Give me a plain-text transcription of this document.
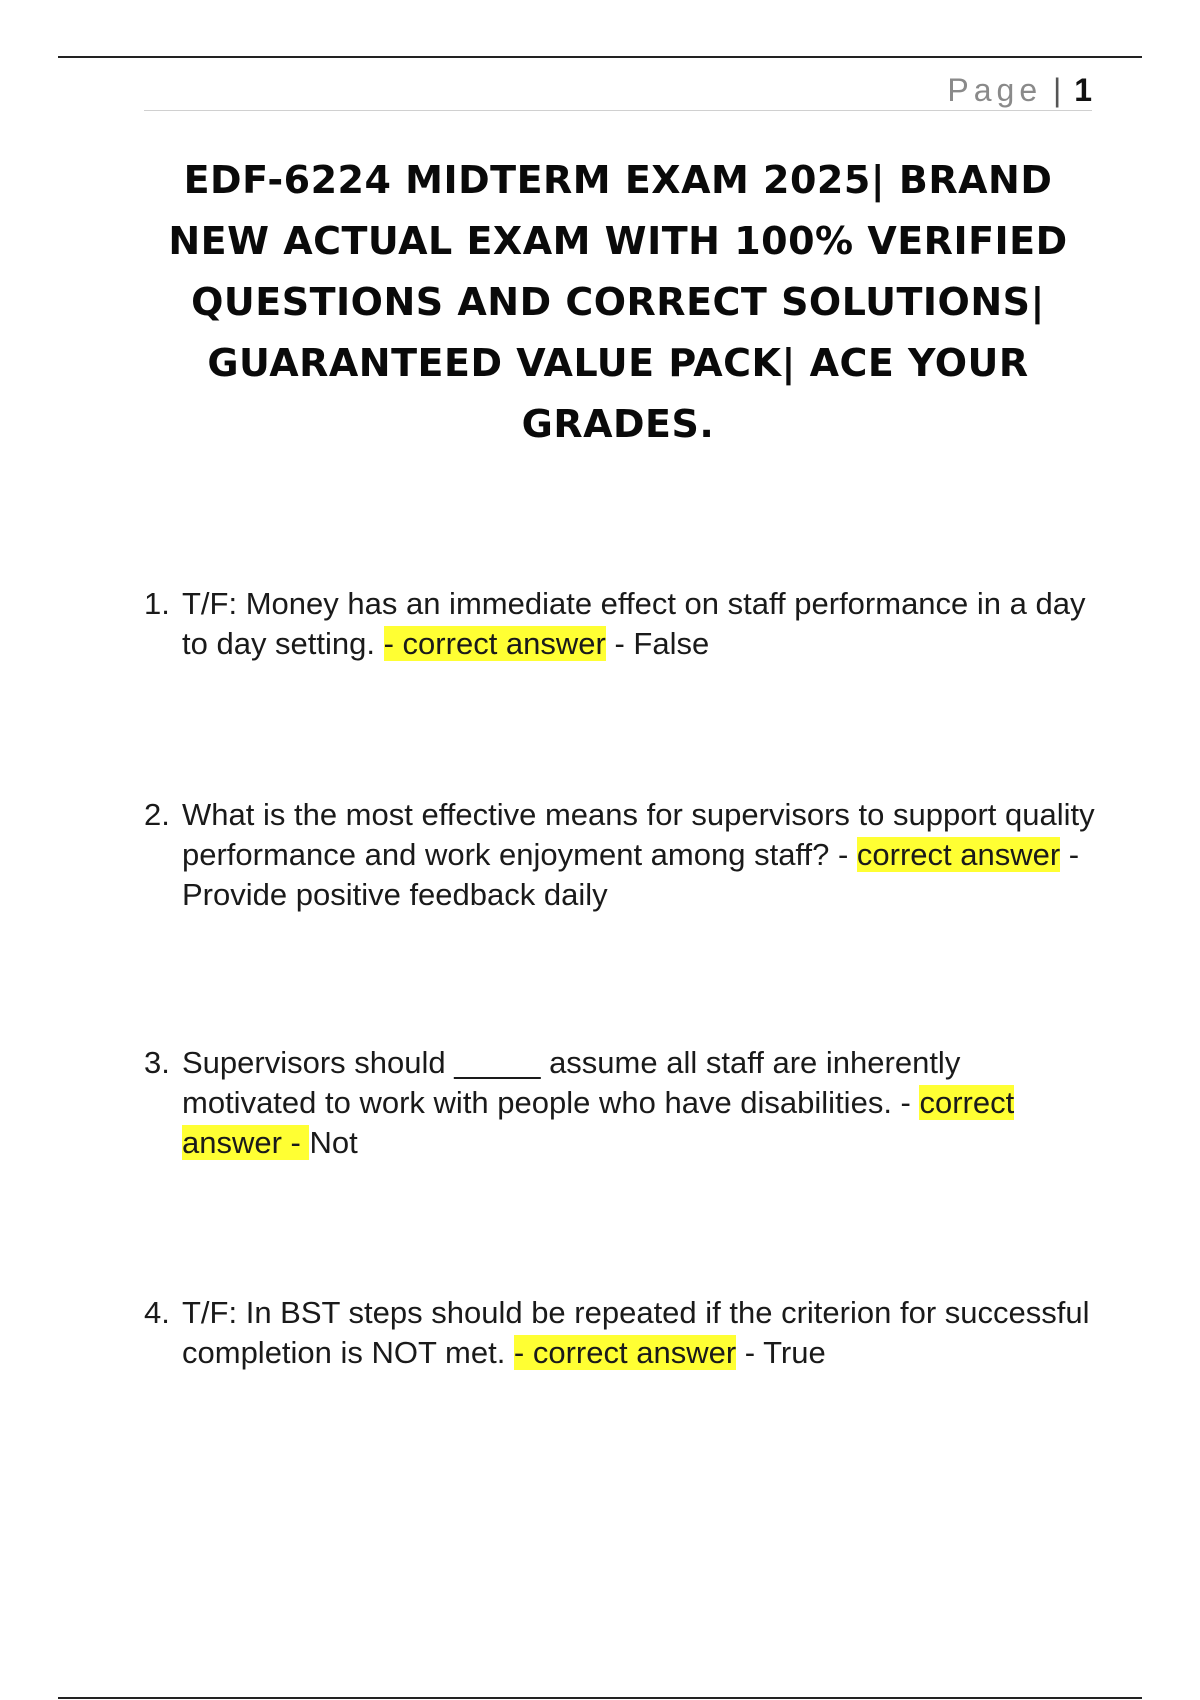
Page | 1
EDF-6224 MIDTERM EXAM 2025| BRAND NEW ACTUAL EXAM WITH 100% VERIFIED QUESTIONS AND CORRECT SOLUTIONS| GUARANTEED VALUE PACK| ACE YOUR GRADES.
1. T/F: Money has an immediate effect on staff performance in a day to day setting. - correct answer - False
2. What is the most effective means for supervisors to support quality performance and work enjoyment among staff? - correct answer - Provide positive feedback daily
3. Supervisors should _____ assume all staff are inherently motivated to work with people who have disabilities. - correct answer - Not
4. T/F: In BST steps should be repeated if the criterion for successful completion is NOT met. - correct answer - True
